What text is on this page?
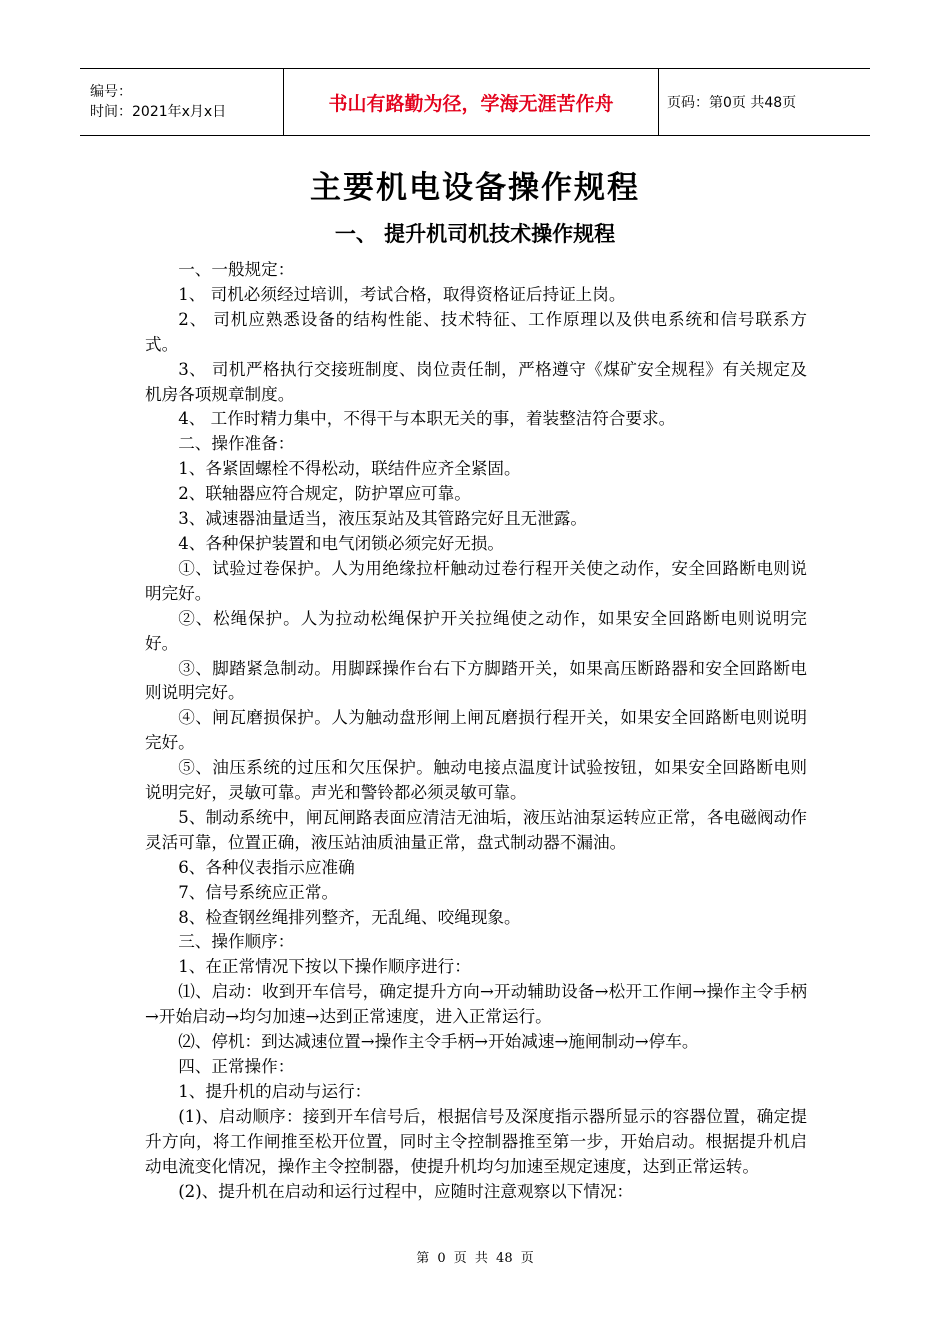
编号：
时间：2021年x月x日	书山有路勤为径，学海无涯苦作舟	页码：第0页 共48页
主要机电设备操作规程
一、 提升机司机技术操作规程

一、一般规定：

1、 司机必须经过培训，考试合格，取得资格证后持证上岗。

2、 司机应熟悉设备的结构性能、技术特征、工作原理以及供电系统和信号联系方式。

3、 司机严格执行交接班制度、岗位责任制，严格遵守《煤矿安全规程》有关规定及机房各项规章制度。

4、 工作时精力集中，不得干与本职无关的事，着装整洁符合要求。

二、操作准备：

1、各紧固螺栓不得松动，联结件应齐全紧固。

2、联轴器应符合规定，防护罩应可靠。

3、减速器油量适当，液压泵站及其管路完好且无泄露。

4、各种保护装置和电气闭锁必须完好无损。

①、试验过卷保护。人为用绝缘拉杆触动过卷行程开关使之动作，安全回路断电则说明完好。

②、松绳保护。人为拉动松绳保护开关拉绳使之动作，如果安全回路断电则说明完好。

③、脚踏紧急制动。用脚踩操作台右下方脚踏开关，如果高压断路器和安全回路断电则说明完好。

④、闸瓦磨损保护。人为触动盘形闸上闸瓦磨损行程开关，如果安全回路断电则说明完好。

⑤、油压系统的过压和欠压保护。触动电接点温度计试验按钮，如果安全回路断电则说明完好，灵敏可靠。声光和警铃都必须灵敏可靠。

5、制动系统中，闸瓦闸路表面应清洁无油垢，液压站油泵运转应正常，各电磁阀动作灵活可靠，位置正确，液压站油质油量正常，盘式制动器不漏油。

6、各种仪表指示应准确

7、信号系统应正常。

8、检查钢丝绳排列整齐，无乱绳、咬绳现象。

三、操作顺序：

1、在正常情况下按以下操作顺序进行：

⑴、启动：收到开车信号，确定提升方向→开动辅助设备→松开工作闸→操作主令手柄→开始启动→均匀加速→达到正常速度，进入正常运行。

⑵、停机：到达减速位置→操作主令手柄→开始减速→施闸制动→停车。

四、正常操作：

1、提升机的启动与运行：

(1)、启动顺序：接到开车信号后，根据信号及深度指示器所显示的容器位置，确定提升方向，将工作闸推至松开位置，同时主令控制器推至第一步，开始启动。根据提升机启动电流变化情况，操作主令控制器，使提升机均匀加速至规定速度，达到正常运转。

(2)、提升机在启动和运行过程中，应随时注意观察以下情况：

第 0 页 共 48 页
